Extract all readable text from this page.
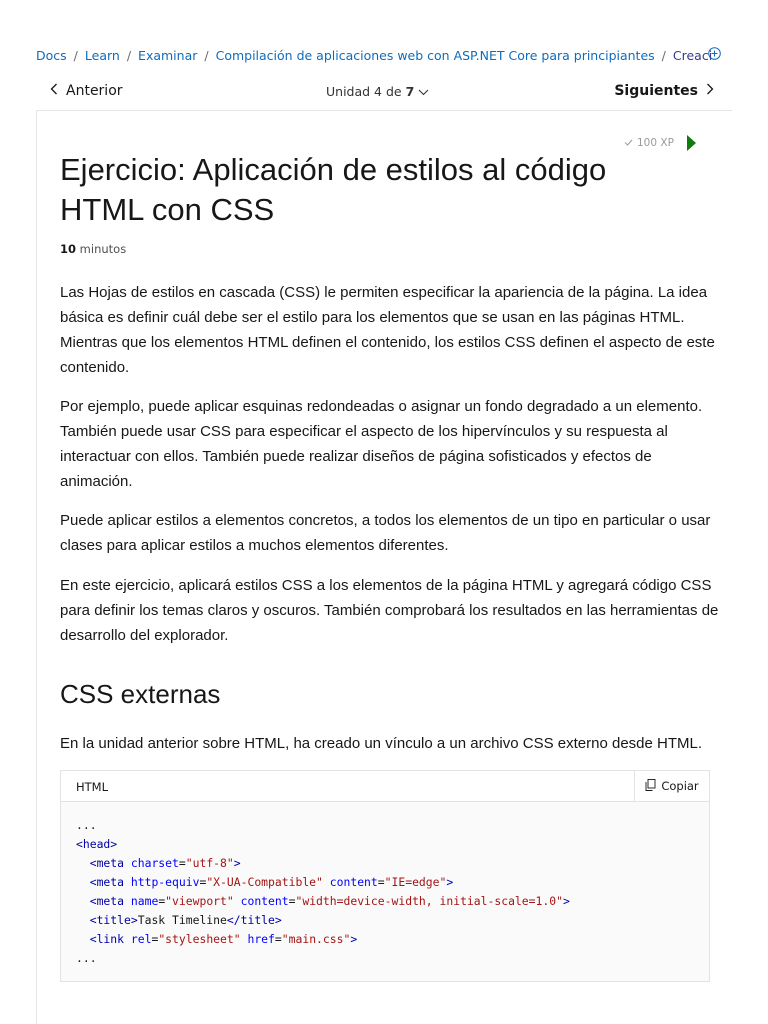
Docs / Learn / Examinar / Compilación de aplicaciones web con ASP.NET Core para principiantes / Creaci
Anterior	Unidad 4 de 7	Siguientes
100 XP
Ejercicio: Aplicación de estilos al código HTML con CSS
10 minutos

Las Hojas de estilos en cascada (CSS) le permiten especificar la apariencia de la página. La idea básica es definir cuál debe ser el estilo para los elementos que se usan en las páginas HTML. Mientras que los elementos HTML definen el contenido, los estilos CSS definen el aspecto de este contenido.

Por ejemplo, puede aplicar esquinas redondeadas o asignar un fondo degradado a un elemento. También puede usar CSS para especificar el aspecto de los hipervínculos y su respuesta al interactuar con ellos. También puede realizar diseños de página sofisticados y efectos de animación.

Puede aplicar estilos a elementos concretos, a todos los elementos de un tipo en particular o usar clases para aplicar estilos a muchos elementos diferentes.

En este ejercicio, aplicará estilos CSS a los elementos de la página HTML y agregará código CSS para definir los temas claros y oscuros. También comprobará los resultados en las herramientas de desarrollo del explorador.

CSS externas

En la unidad anterior sobre HTML, ha creado un vínculo a un archivo CSS externo desde HTML.

HTML	Copiar
...
<head>
<meta charset="utf-8">
<meta http-equiv="X-UA-Compatible" content="IE=edge">
<meta name="viewport" content="width=device-width, initial-scale=1.0">
<title>Task Timeline</title>
<link rel="stylesheet" href="main.css">
...
